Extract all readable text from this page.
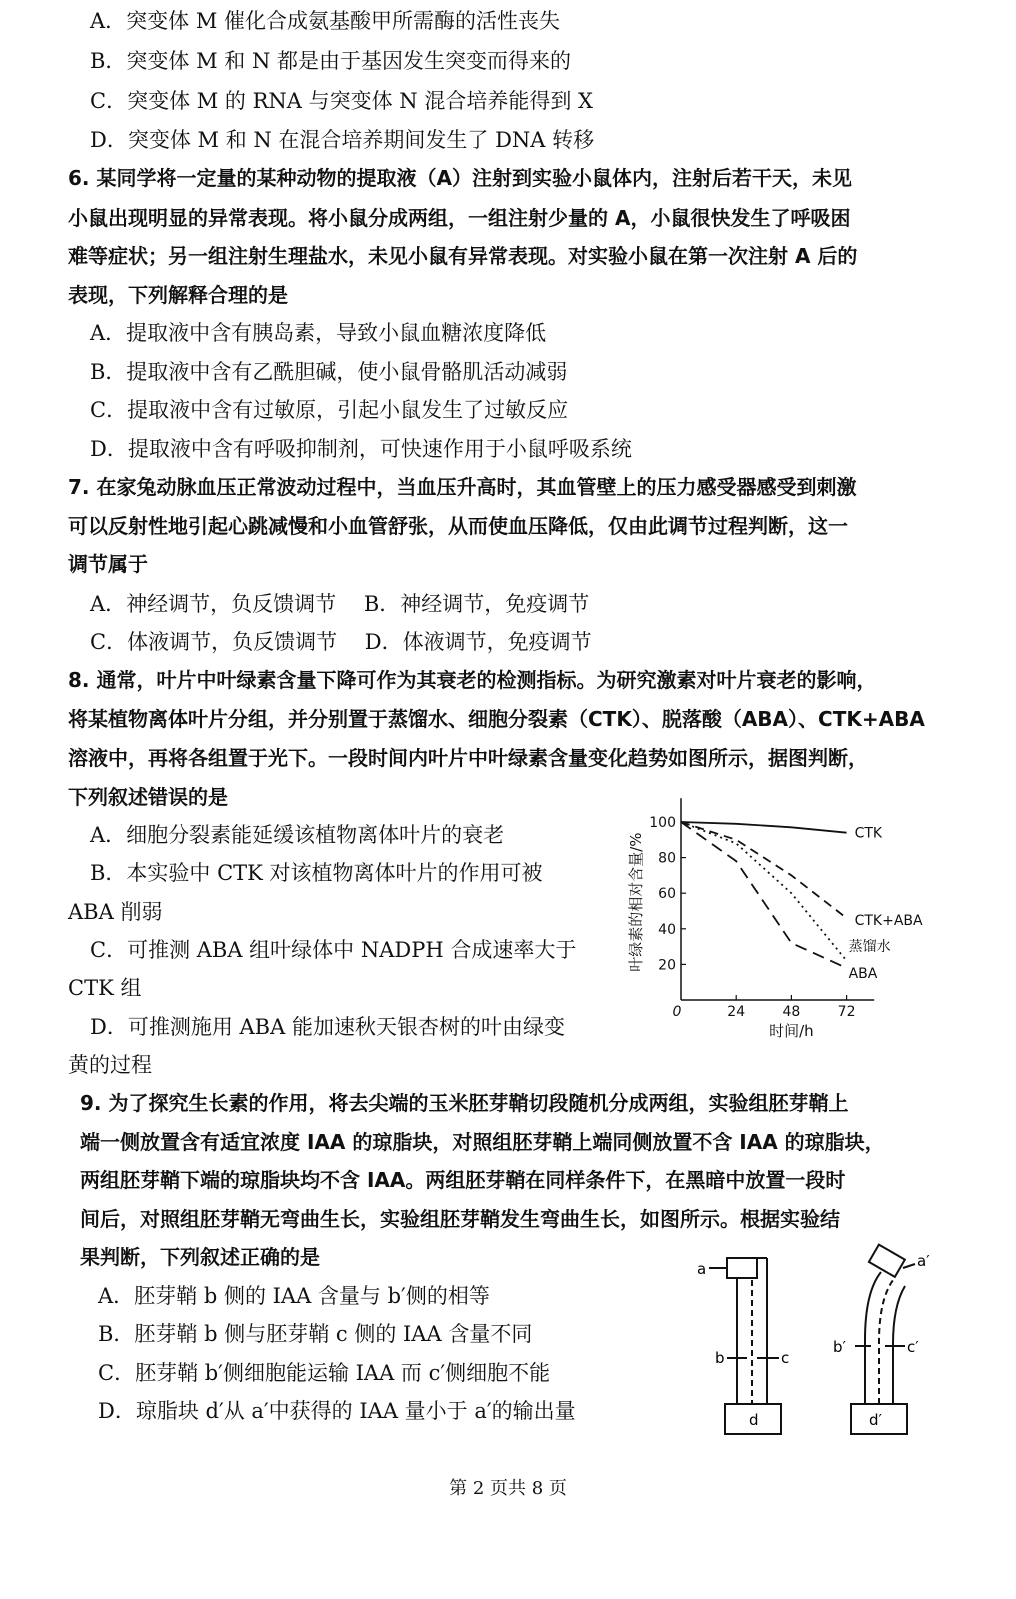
A．突变体 M 催化合成氨基酸甲所需酶的活性丧失
B．突变体 M 和 N 都是由于基因发生突变而得来的
C．突变体 M 的 RNA 与突变体 N 混合培养能得到 X
D．突变体 M 和 N 在混合培养期间发生了 DNA 转移
6. 某同学将一定量的某种动物的提取液（A）注射到实验小鼠体内，注射后若干天，未见
小鼠出现明显的异常表现。将小鼠分成两组，一组注射少量的 A，小鼠很快发生了呼吸困
难等症状；另一组注射生理盐水，未见小鼠有异常表现。对实验小鼠在第一次注射 A 后的
表现，下列解释合理的是
A．提取液中含有胰岛素，导致小鼠血糖浓度降低
B．提取液中含有乙酰胆碱，使小鼠骨骼肌活动减弱
C．提取液中含有过敏原，引起小鼠发生了过敏反应
D．提取液中含有呼吸抑制剂，可快速作用于小鼠呼吸系统
7. 在家兔动脉血压正常波动过程中，当血压升高时，其血管壁上的压力感受器感受到刺激
可以反射性地引起心跳减慢和小血管舒张，从而使血压降低，仅由此调节过程判断，这一
调节属于
A．神经调节，负反馈调节　 B．神经调节，免疫调节
C．体液调节，负反馈调节　 D．体液调节，免疫调节
8. 通常，叶片中叶绿素含量下降可作为其衰老的检测指标。为研究激素对叶片衰老的影响，
将某植物离体叶片分组，并分别置于蒸馏水、细胞分裂素（CTK）、脱落酸（ABA）、CTK+ABA
溶液中，再将各组置于光下。一段时间内叶片中叶绿素含量变化趋势如图所示，据图判断，
下列叙述错误的是
A．细胞分裂素能延缓该植物离体叶片的衰老
B．本实验中 CTK 对该植物离体叶片的作用可被
ABA 削弱
C．可推测 ABA 组叶绿体中 NADPH 合成速率大于
CTK 组
D．可推测施用 ABA 能加速秋天银杏树的叶由绿变
黄的过程
20
40
60
80
100
24	48	72
0
时间/h
叶绿素的相对含量/%	CTK
CTK+ABA
蒸馏水
ABA
9. 为了探究生长素的作用，将去尖端的玉米胚芽鞘切段随机分成两组，实验组胚芽鞘上
端一侧放置含有适宜浓度 IAA 的琼脂块，对照组胚芽鞘上端同侧放置不含 IAA 的琼脂块，
两组胚芽鞘下端的琼脂块均不含 IAA。两组胚芽鞘在同样条件下，在黑暗中放置一段时
间后，对照组胚芽鞘无弯曲生长，实验组胚芽鞘发生弯曲生长，如图所示。根据实验结
果判断，下列叙述正确的是
A．胚芽鞘 b 侧的 IAA 含量与 b′侧的相等
B．胚芽鞘 b 侧与胚芽鞘 c 侧的 IAA 含量不同
C．胚芽鞘 b′侧细胞能运输 IAA 而 c′侧细胞不能
D．琼脂块 d′从 a′中获得的 IAA 量小于 a′的输出量
a
b	c
d
a′
b′	c′
d′
第 2 页共 8 页
